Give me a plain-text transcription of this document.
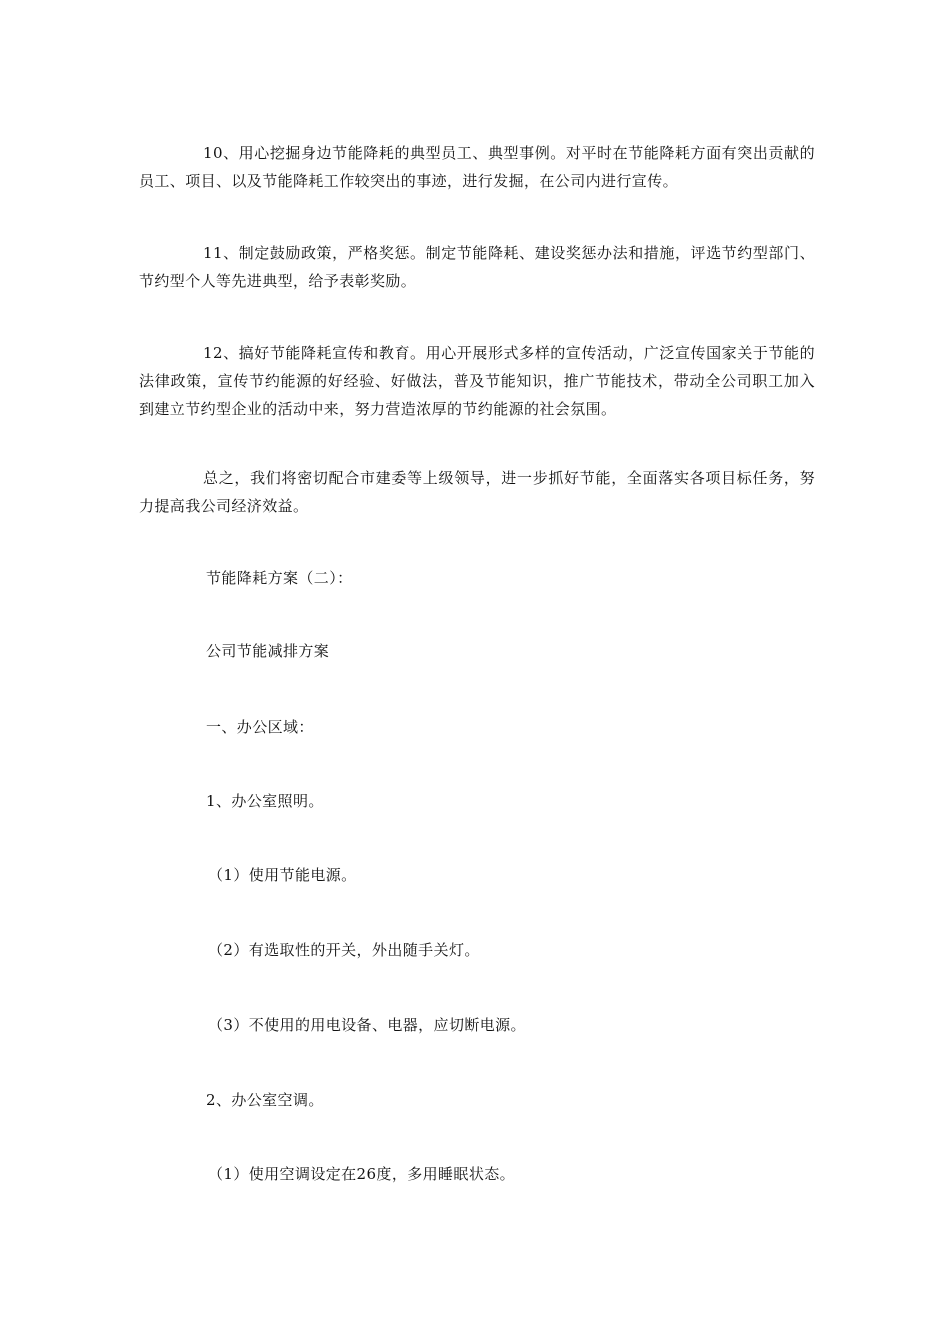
10、用心挖掘身边节能降耗的典型员工、典型事例。对平时在节能降耗方面有突出贡献的员工、项目、以及节能降耗工作较突出的事迹，进行发掘，在公司内进行宣传。

11、制定鼓励政策，严格奖惩。制定节能降耗、建设奖惩办法和措施，评选节约型部门、节约型个人等先进典型，给予表彰奖励。

12、搞好节能降耗宣传和教育。用心开展形式多样的宣传活动，广泛宣传国家关于节能的法律政策，宣传节约能源的好经验、好做法，普及节能知识，推广节能技术，带动全公司职工加入到建立节约型企业的活动中来，努力营造浓厚的节约能源的社会氛围。

总之，我们将密切配合市建委等上级领导，进一步抓好节能，全面落实各项目标任务，努力提高我公司经济效益。

节能降耗方案（二）：

公司节能减排方案

一、办公区域：

1、办公室照明。

（1）使用节能电源。

（2）有选取性的开关，外出随手关灯。

（3）不使用的用电设备、电器，应切断电源。

2、办公室空调。

（1）使用空调设定在26度，多用睡眠状态。
